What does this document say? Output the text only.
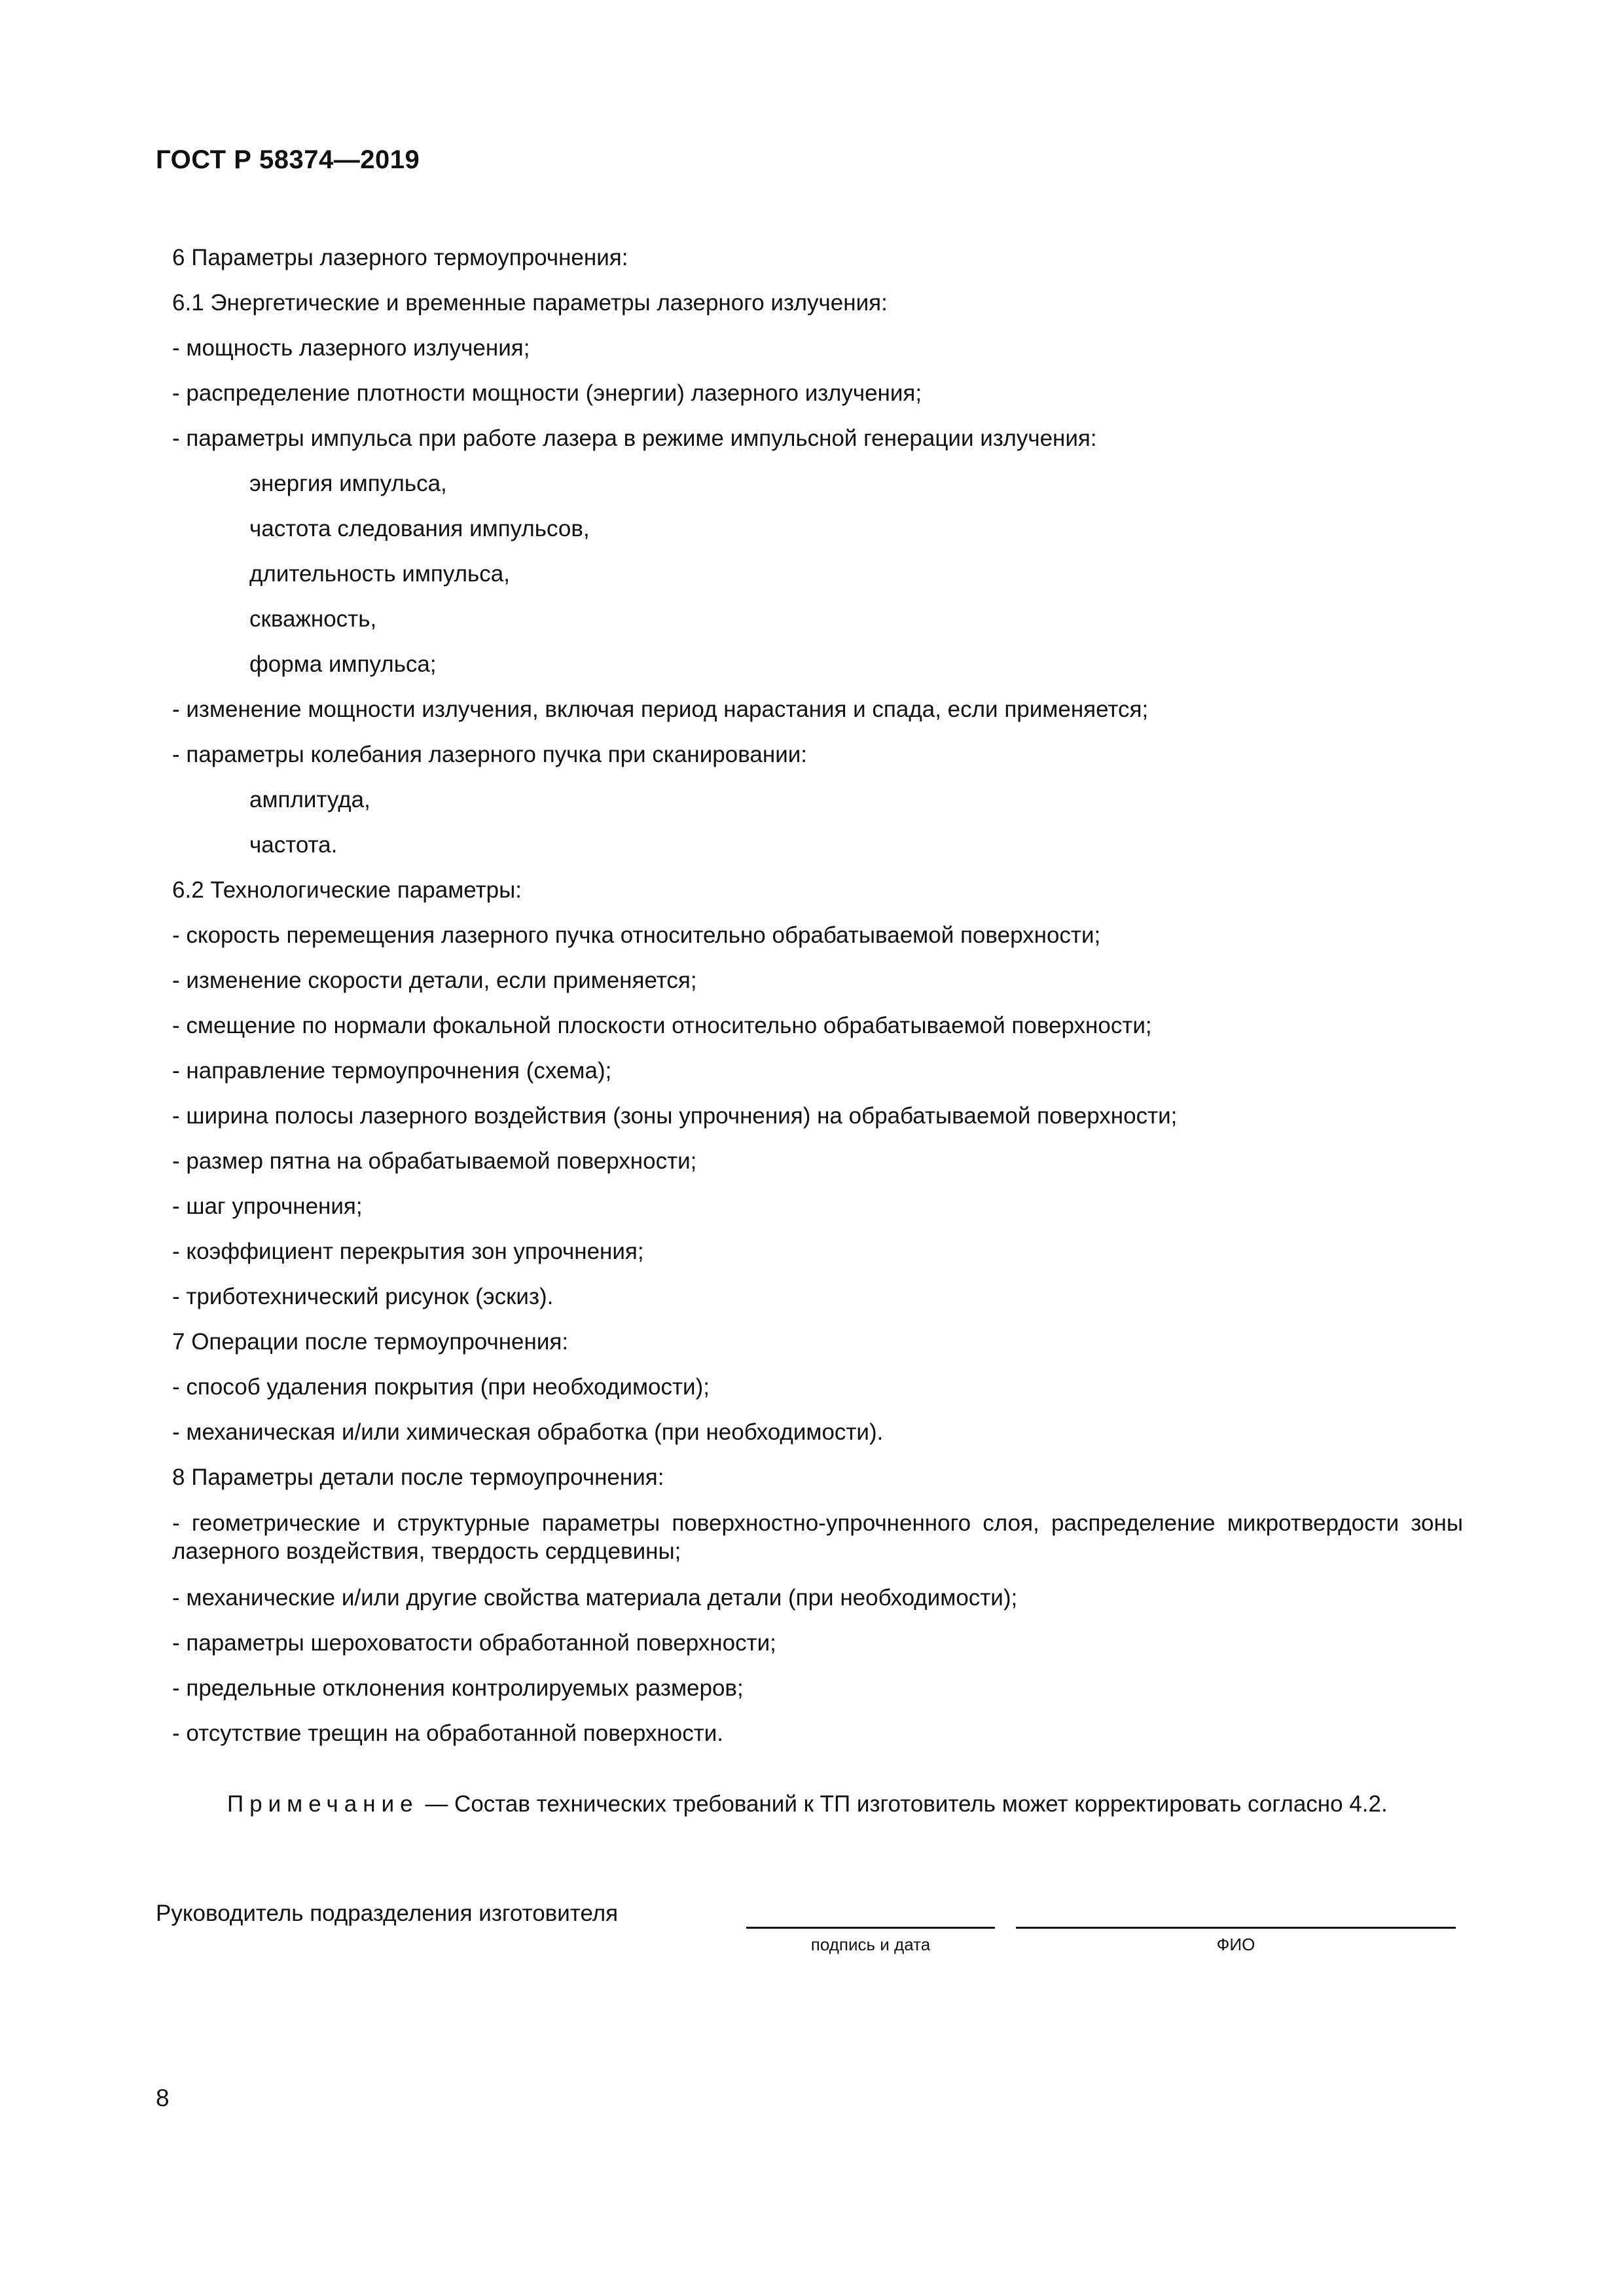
ГОСТ Р 58374—2019
6 Параметры лазерного термоупрочнения:
6.1 Энергетические и временные параметры лазерного излучения:
- мощность лазерного излучения;
- распределение плотности мощности (энергии) лазерного излучения;
- параметры импульса при работе лазера в режиме импульсной генерации излучения:
энергия импульса,
частота следования импульсов,
длительность импульса,
скважность,
форма импульса;
- изменение мощности излучения, включая период нарастания и спада, если применяется;
- параметры колебания лазерного пучка при сканировании:
амплитуда,
частота.
6.2 Технологические параметры:
- скорость перемещения лазерного пучка относительно обрабатываемой поверхности;
- изменение скорости детали, если применяется;
- смещение по нормали фокальной плоскости относительно обрабатываемой поверхности;
- направление термоупрочнения (схема);
- ширина полосы лазерного воздействия (зоны упрочнения) на обрабатываемой поверхности;
- размер пятна на обрабатываемой поверхности;
- шаг упрочнения;
- коэффициент перекрытия зон упрочнения;
- триботехнический рисунок (эскиз).
7 Операции после термоупрочнения:
- способ удаления покрытия (при необходимости);
- механическая и/или химическая обработка (при необходимости).
8 Параметры детали после термоупрочнения:
- геометрические и структурные параметры поверхностно-упрочненного слоя, распределение микротвердости зоны лазерного воздействия, твердость сердцевины;
- механические и/или другие свойства материала детали (при необходимости);
- параметры шероховатости обработанной поверхности;
- предельные отклонения контролируемых размеров;
- отсутствие трещин на обработанной поверхности.
Примечание — Состав технических требований к ТП изготовитель может корректировать согласно 4.2.
Руководитель подразделения изготовителя
подпись и дата	ФИО
8
